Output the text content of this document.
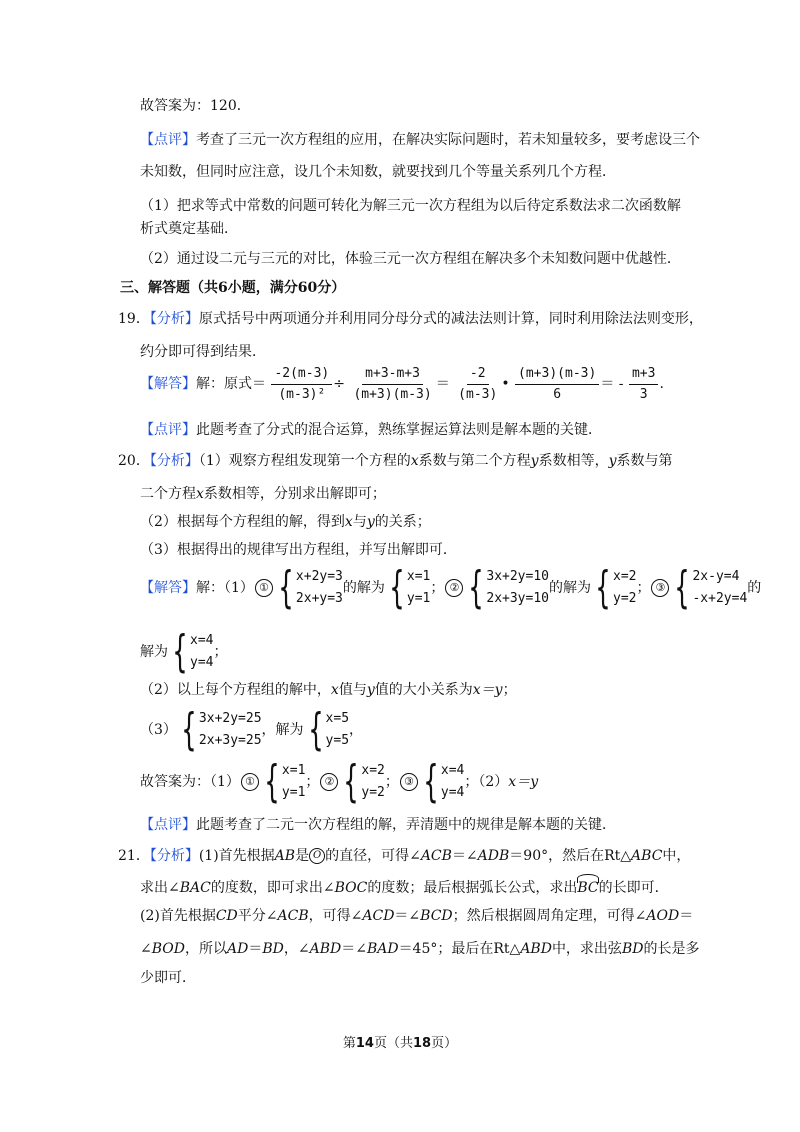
故答案为：120．
【点评】考查了三元一次方程组的应用，在解决实际问题时，若未知量较多，要考虑设三个
未知数，但同时应注意，设几个未知数，就要找到几个等量关系列几个方程．
（1）把求等式中常数的问题可转化为解三元一次方程组为以后待定系数法求二次函数解
析式奠定基础．
（2）通过设二元与三元的对比，体验三元一次方程组在解决多个未知数问题中优越性．
三、解答题（共6小题，满分60分）
19．【分析】原式括号中两项通分并利用同分母分式的减法法则计算，同时利用除法法则变形，
约分即可得到结果．
【解答】解：原式＝ $\frac{-2(m-3)}{\text{(m-3)²}} \div \frac{m+3-m+3}{(m+3)(m-3)} = \frac{-2}{(m-3)}$ • $\frac{(m+3)(m-3)}{6}$ ＝ - $\frac{m+3}{3}$ .
【点评】此题考查了分式的混合运算，熟练掌握运算法则是解本题的关键．
20．【分析】（1）观察方程组发现第一个方程的x系数与第二个方程y系数相等，y系数与第
二个方程x系数相等，分别求出解即可；
（2）根据每个方程组的解，得到x与y的关系；
（3）根据得出的规律写出方程组，并写出解即可．
【解答】解：（1） ① { x+2y=3
2x+y=3
的解为 { x=1
y=1
； ② { 3x+2y=10
2x+3y=10
的解为 { x=2
y=2
； ③ { 2x-y=4
-x+2y=4
的
解为 { x=4
y=4
；
（2）以上每个方程组的解中，x值与y值的大小关系为x＝y；
（3） { 3x+2y=25
2x+3y=25
，解为 { x=5
y=5
，
故答案为：（1） ① { x=1
y=1
； ② { x=2
y=2
； ③ { x=4
y=4
；（2）x＝y
【点评】此题考查了二元一次方程组的解，弄清题中的规律是解本题的关键．
21．【分析】(1)首先根据AB是 O 的直径，可得∠ACB＝∠ADB＝90°，然后在Rt△ABC中，
求出∠BAC的度数，即可求出∠BOC的度数；最后根据弧长公式，求出BC的长即可．
(2)首先根据CD平分∠ACB，可得∠ACD＝∠BCD；然后根据圆周角定理，可得∠AOD＝
∠BOD，所以AD＝BD，∠ABD＝∠BAD＝45°；最后在Rt△ABD中，求出弦BD的长是多
少即可．
第14页（共18页）
